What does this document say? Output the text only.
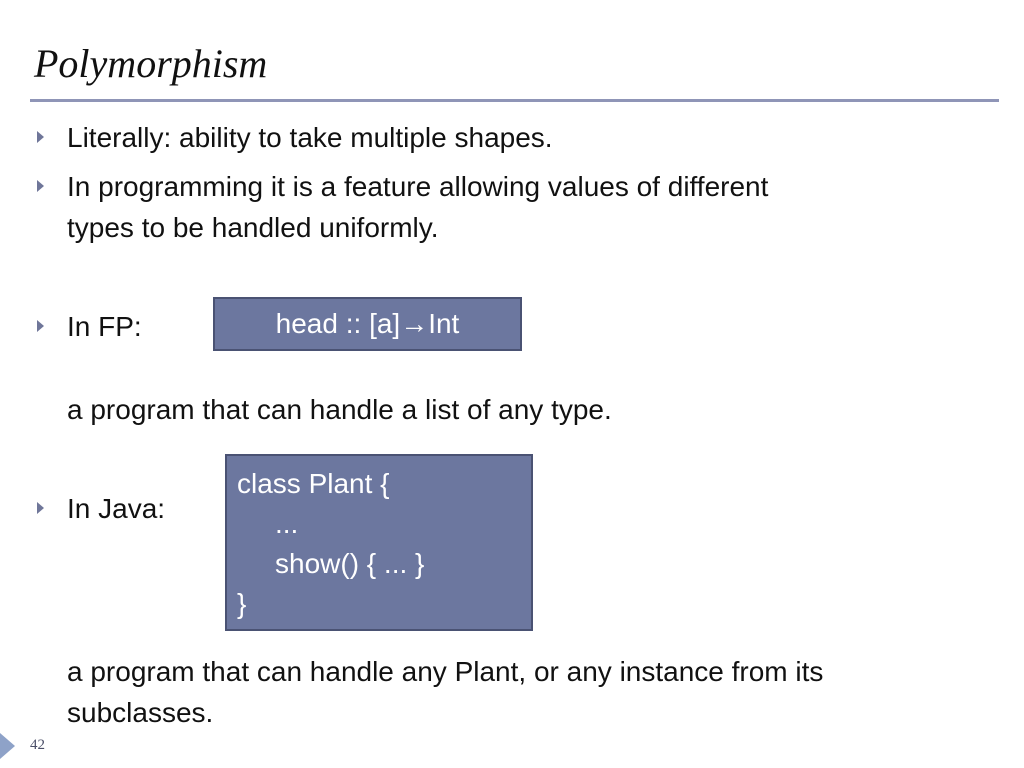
Polymorphism
Literally: ability to take multiple shapes.
In programming it is a feature allowing values of different
types to be handled uniformly.
In FP:	head :: [a]→Int
a program that can handle a list of any type.
In Java:
class Plant {
...
show() { ... }
}
a program that can handle any Plant, or any instance from its
subclasses.
42
